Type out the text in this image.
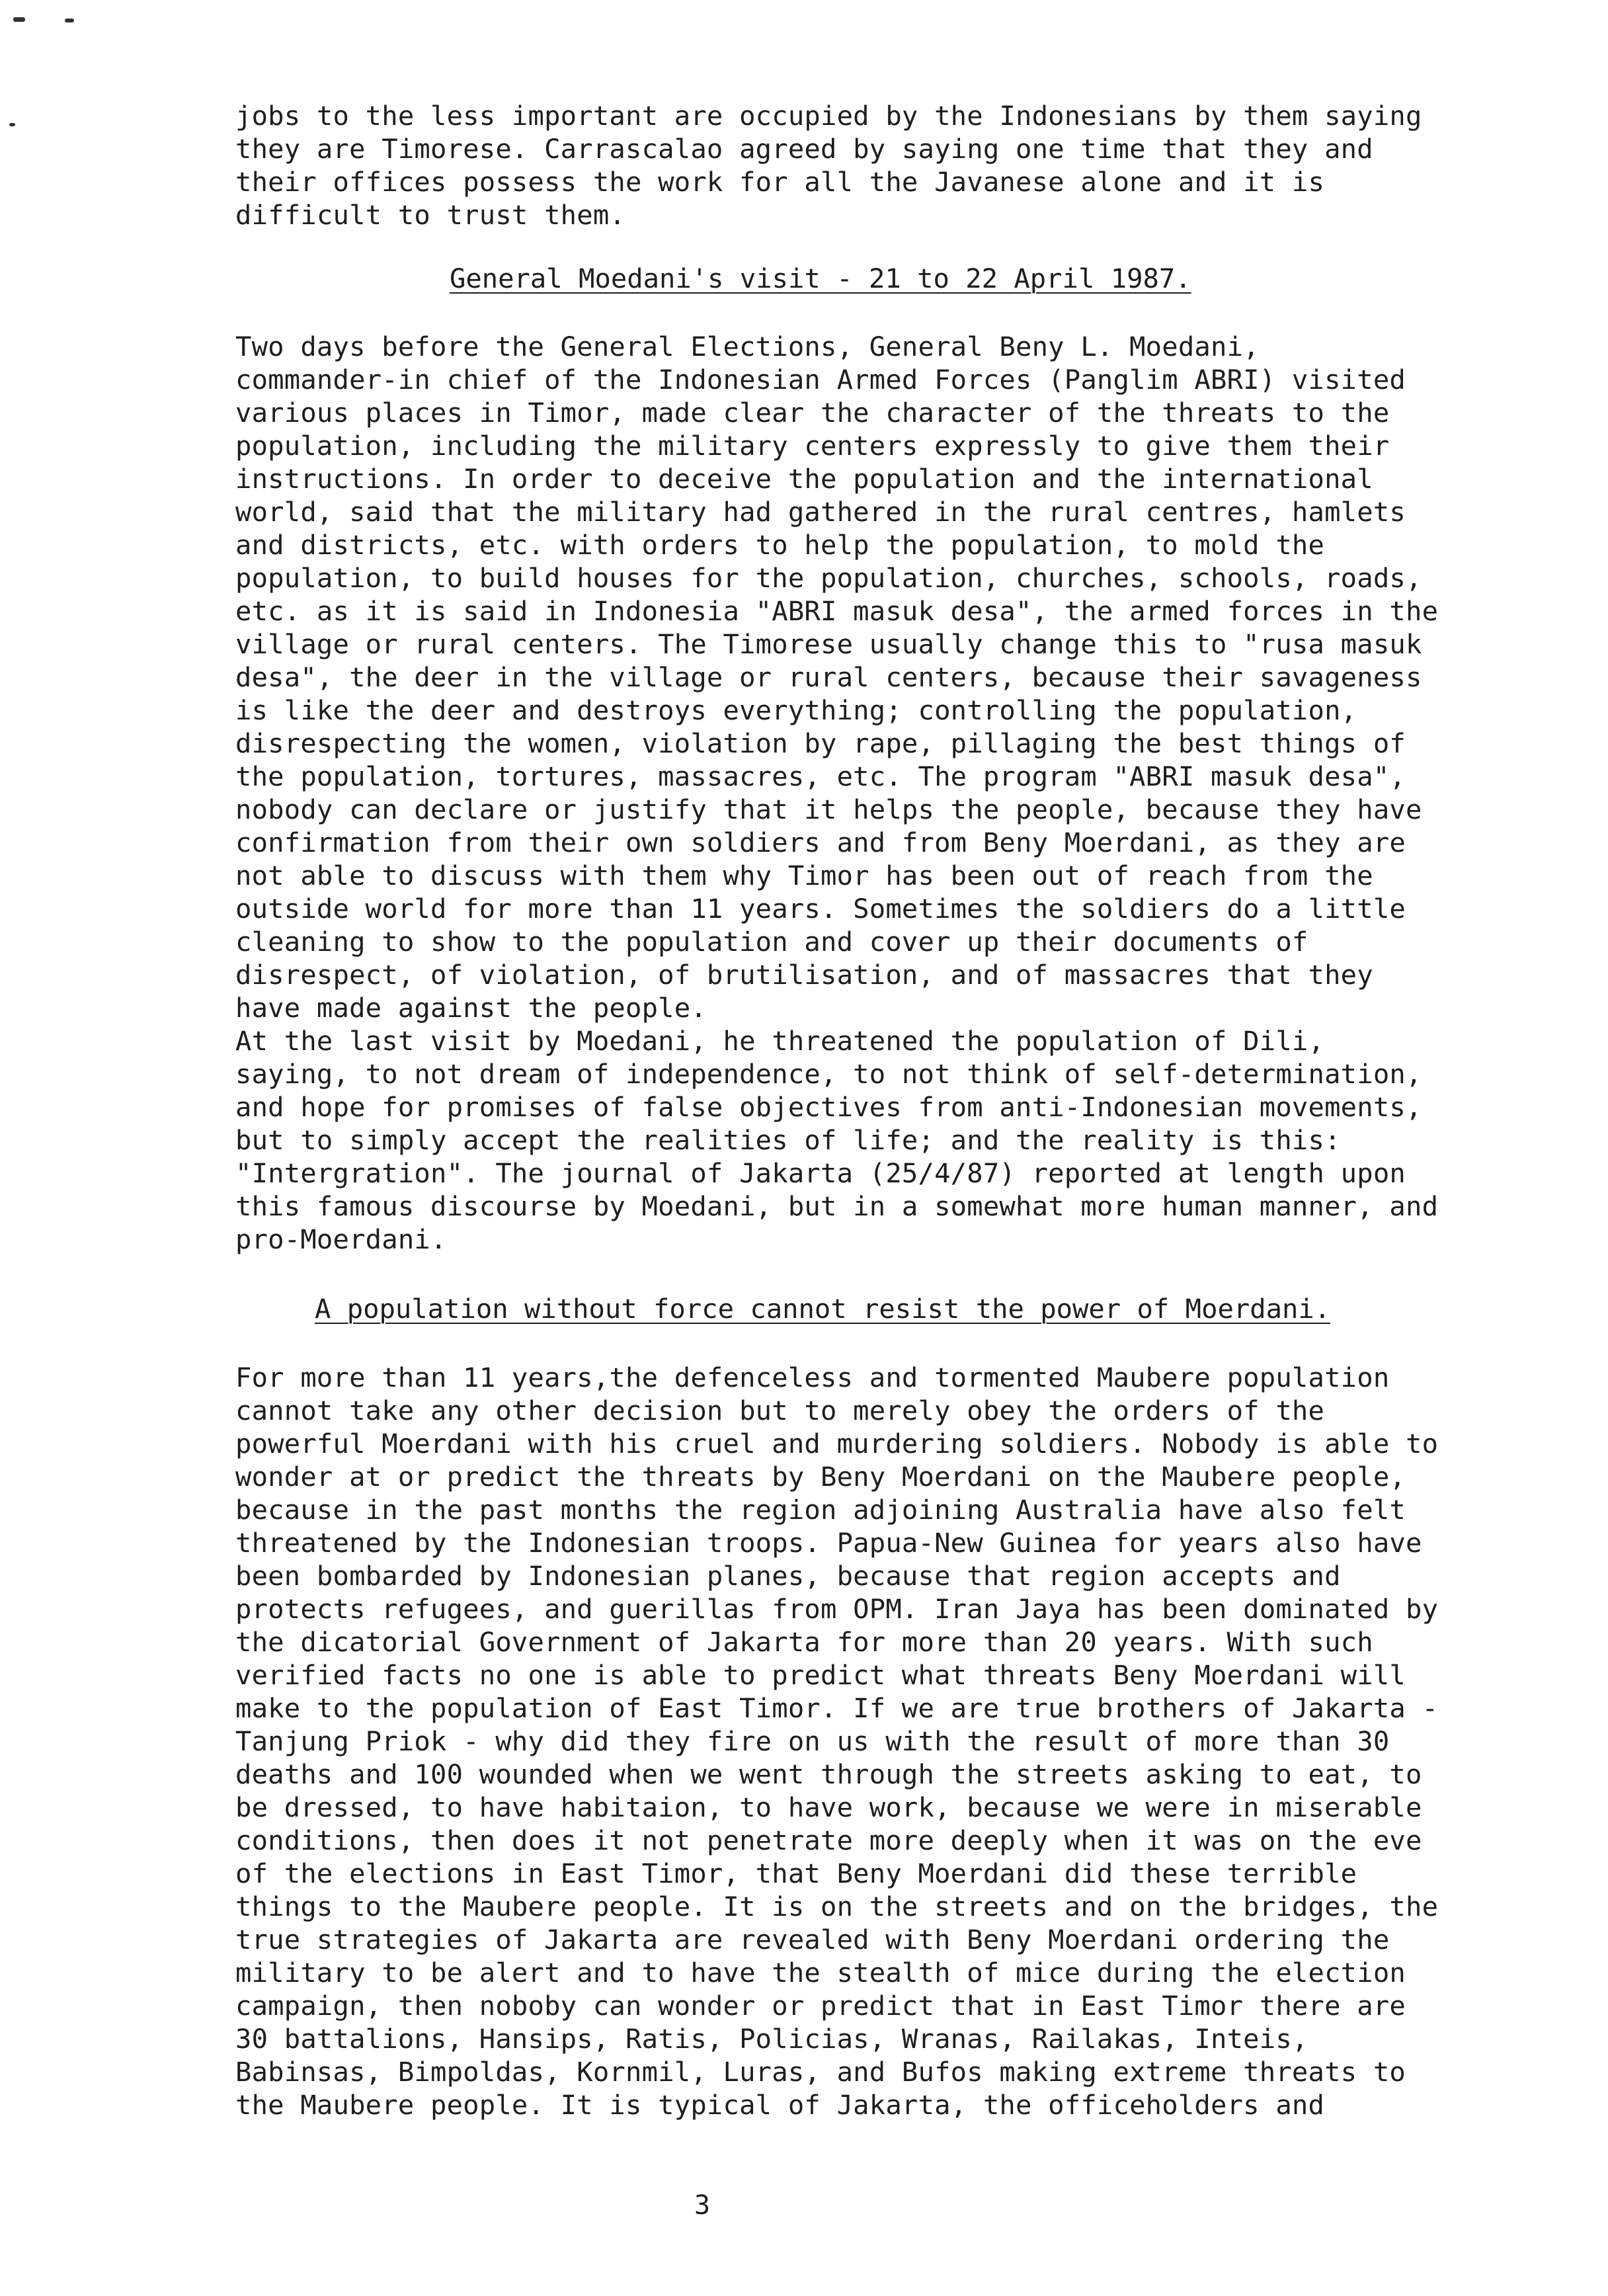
jobs to the less important are occupied by the Indonesians by them saying
they are Timorese. Carrascalao agreed by saying one time that they and
their offices possess the work for all the Javanese alone and it is
difficult to trust them.
General Moedani's visit - 21 to 22 April 1987.
Two days before the General Elections, General Beny L. Moedani,
commander-in chief of the Indonesian Armed Forces (Panglim ABRI) visited
various places in Timor, made clear the character of the threats to the
population, including the military centers expressly to give them their
instructions. In order to deceive the population and the international
world, said that the military had gathered in the rural centres, hamlets
and districts, etc. with orders to help the population, to mold the
population, to build houses for the population, churches, schools, roads,
etc. as it is said in Indonesia "ABRI masuk desa", the armed forces in the
village or rural centers. The Timorese usually change this to "rusa masuk
desa", the deer in the village or rural centers, because their savageness
is like the deer and destroys everything; controlling the population,
disrespecting the women, violation by rape, pillaging the best things of
the population, tortures, massacres, etc. The program "ABRI masuk desa",
nobody can declare or justify that it helps the people, because they have
confirmation from their own soldiers and from Beny Moerdani, as they are
not able to discuss with them why Timor has been out of reach from the
outside world for more than 11 years. Sometimes the soldiers do a little
cleaning to show to the population and cover up their documents of
disrespect, of violation, of brutilisation, and of massacres that they
have made against the people.
At the last visit by Moedani, he threatened the population of Dili,
saying, to not dream of independence, to not think of self-determination,
and hope for promises of false objectives from anti-Indonesian movements,
but to simply accept the realities of life; and the reality is this:
"Intergration". The journal of Jakarta (25/4/87) reported at length upon
this famous discourse by Moedani, but in a somewhat more human manner, and
pro-Moerdani.
A population without force cannot resist the power of Moerdani.
For more than 11 years,the defenceless and tormented Maubere population
cannot take any other decision but to merely obey the orders of the
powerful Moerdani with his cruel and murdering soldiers. Nobody is able to
wonder at or predict the threats by Beny Moerdani on the Maubere people,
because in the past months the region adjoining Australia have also felt
threatened by the Indonesian troops. Papua-New Guinea for years also have
been bombarded by Indonesian planes, because that region accepts and
protects refugees, and guerillas from OPM. Iran Jaya has been dominated by
the dicatorial Government of Jakarta for more than 20 years. With such
verified facts no one is able to predict what threats Beny Moerdani will
make to the population of East Timor. If we are true brothers of Jakarta -
Tanjung Priok - why did they fire on us with the result of more than 30
deaths and 100 wounded when we went through the streets asking to eat, to
be dressed, to have habitaion, to have work, because we were in miserable
conditions, then does it not penetrate more deeply when it was on the eve
of the elections in East Timor, that Beny Moerdani did these terrible
things to the Maubere people. It is on the streets and on the bridges, the
true strategies of Jakarta are revealed with Beny Moerdani ordering the
military to be alert and to have the stealth of mice during the election
campaign, then noboby can wonder or predict that in East Timor there are
30 battalions, Hansips, Ratis, Policias, Wranas, Railakas, Inteis,
Babinsas, Bimpoldas, Kornmil, Luras, and Bufos making extreme threats to
the Maubere people. It is typical of Jakarta, the officeholders and
3
